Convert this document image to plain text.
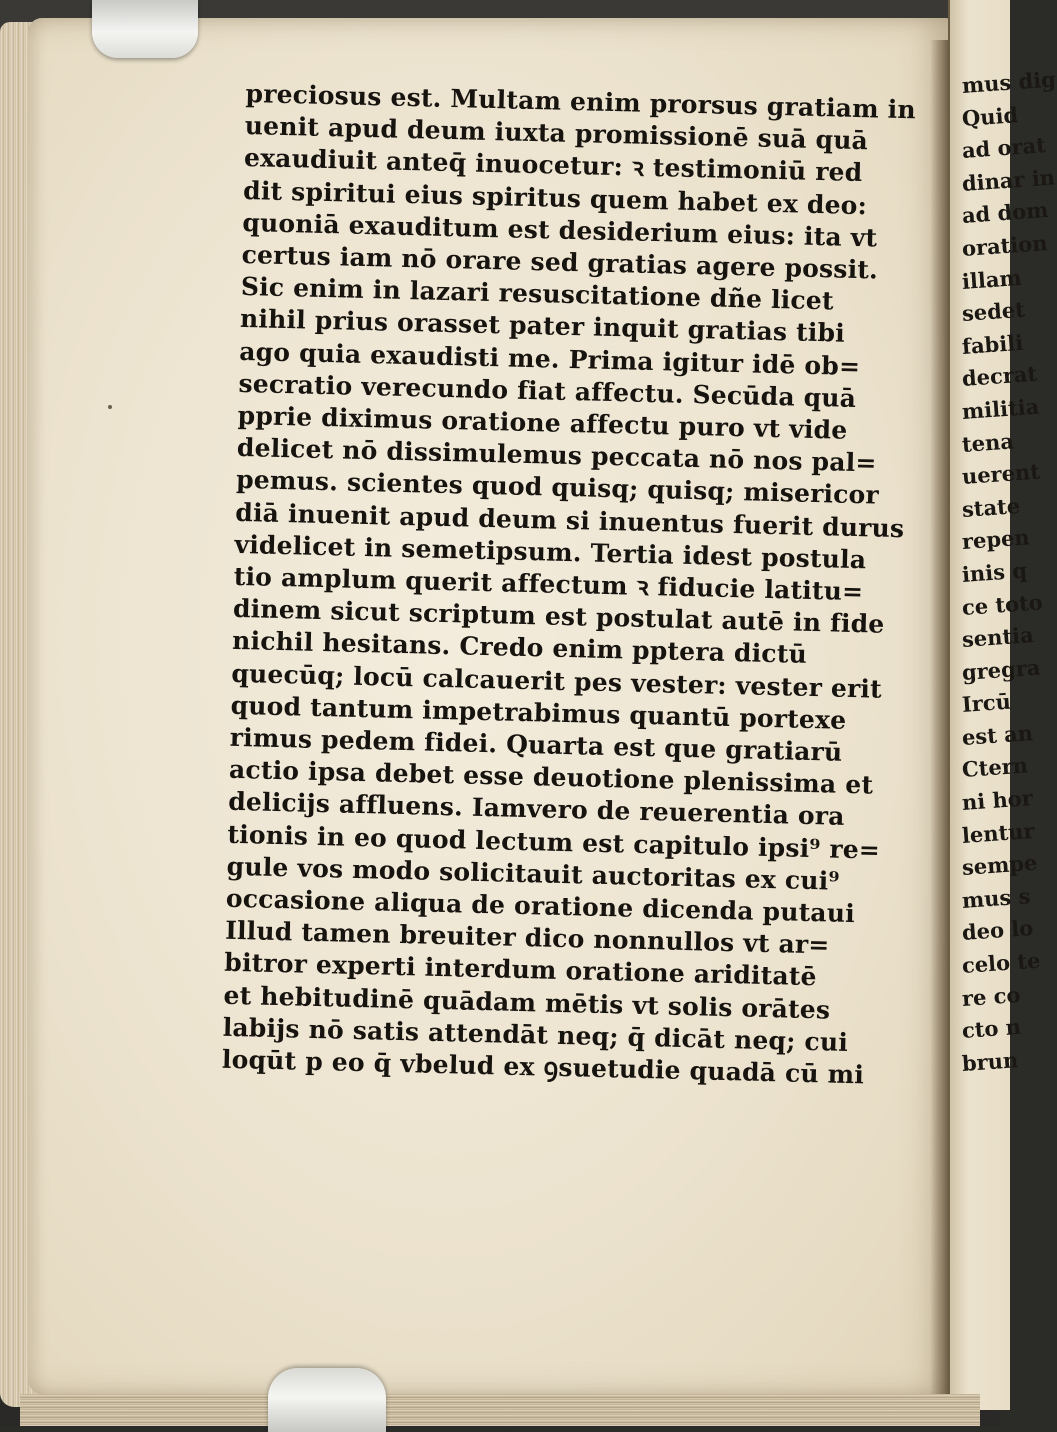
mus dig
Quid
ad orat
dinar in
ad dom
oration
illam
sedet
fabili
decrat
militia
tena
uerent
state
repen
inis q
ce toto
sentia
gregra
Ircū
est an
Ctern
ni hor
lentur
sempe
mus s
deo lo
celo te
re co
cto n
brun
preciosus est. Multam enim prorsus gratiam in
uenit apud deum iuxta promissionē suā quā
exaudiuit anteq̄ inuocetur: ꝛ testimoniū red
dit spiritui eius spiritus quem habet ex deo:
quoniā exauditum est desiderium eius: ita vt
certus iam nō orare sed gratias agere possit.
Sic enim in lazari resuscitatione dñe licet
nihil prius orasset pater inquit gratias tibi
ago quia exaudisti me. Prima igitur idē ob=
secratio verecundo fiat affectu. Secūda quā
pprie diximus oratione affectu puro vt vide
delicet nō dissimulemus peccata nō nos pal=
pemus. scientes quod quisq; quisq; misericor
diā inuenit apud deum si inuentus fuerit durus
videlicet in semetipsum. Tertia idest postula
tio amplum querit affectum ꝛ fiducie latitu=
dinem sicut scriptum est postulat autē in fide
nichil hesitans. Credo enim pptera dictū
quecūq; locū calcauerit pes vester: vester erit
quod tantum impetrabimus quantū portexe
rimus pedem fidei. Quarta est que gratiarū
actio ipsa debet esse deuotione plenissima et
delicijs affluens. Iamvero de reuerentia ora
tionis in eo quod lectum est capitulo ipsi⁹ re=
gule vos modo solicitauit auctoritas ex cui⁹
occasione aliqua de oratione dicenda putaui
Illud tamen breuiter dico nonnullos vt ar=
bitror experti interdum oratione ariditatē
et hebitudinē quādam mētis vt solis orātes
labijs nō satis attendāt neq; q̄ dicāt neq; cui
loqūt p eo q̄ vbelud ex ꝯsuetudie quadā cū mi
